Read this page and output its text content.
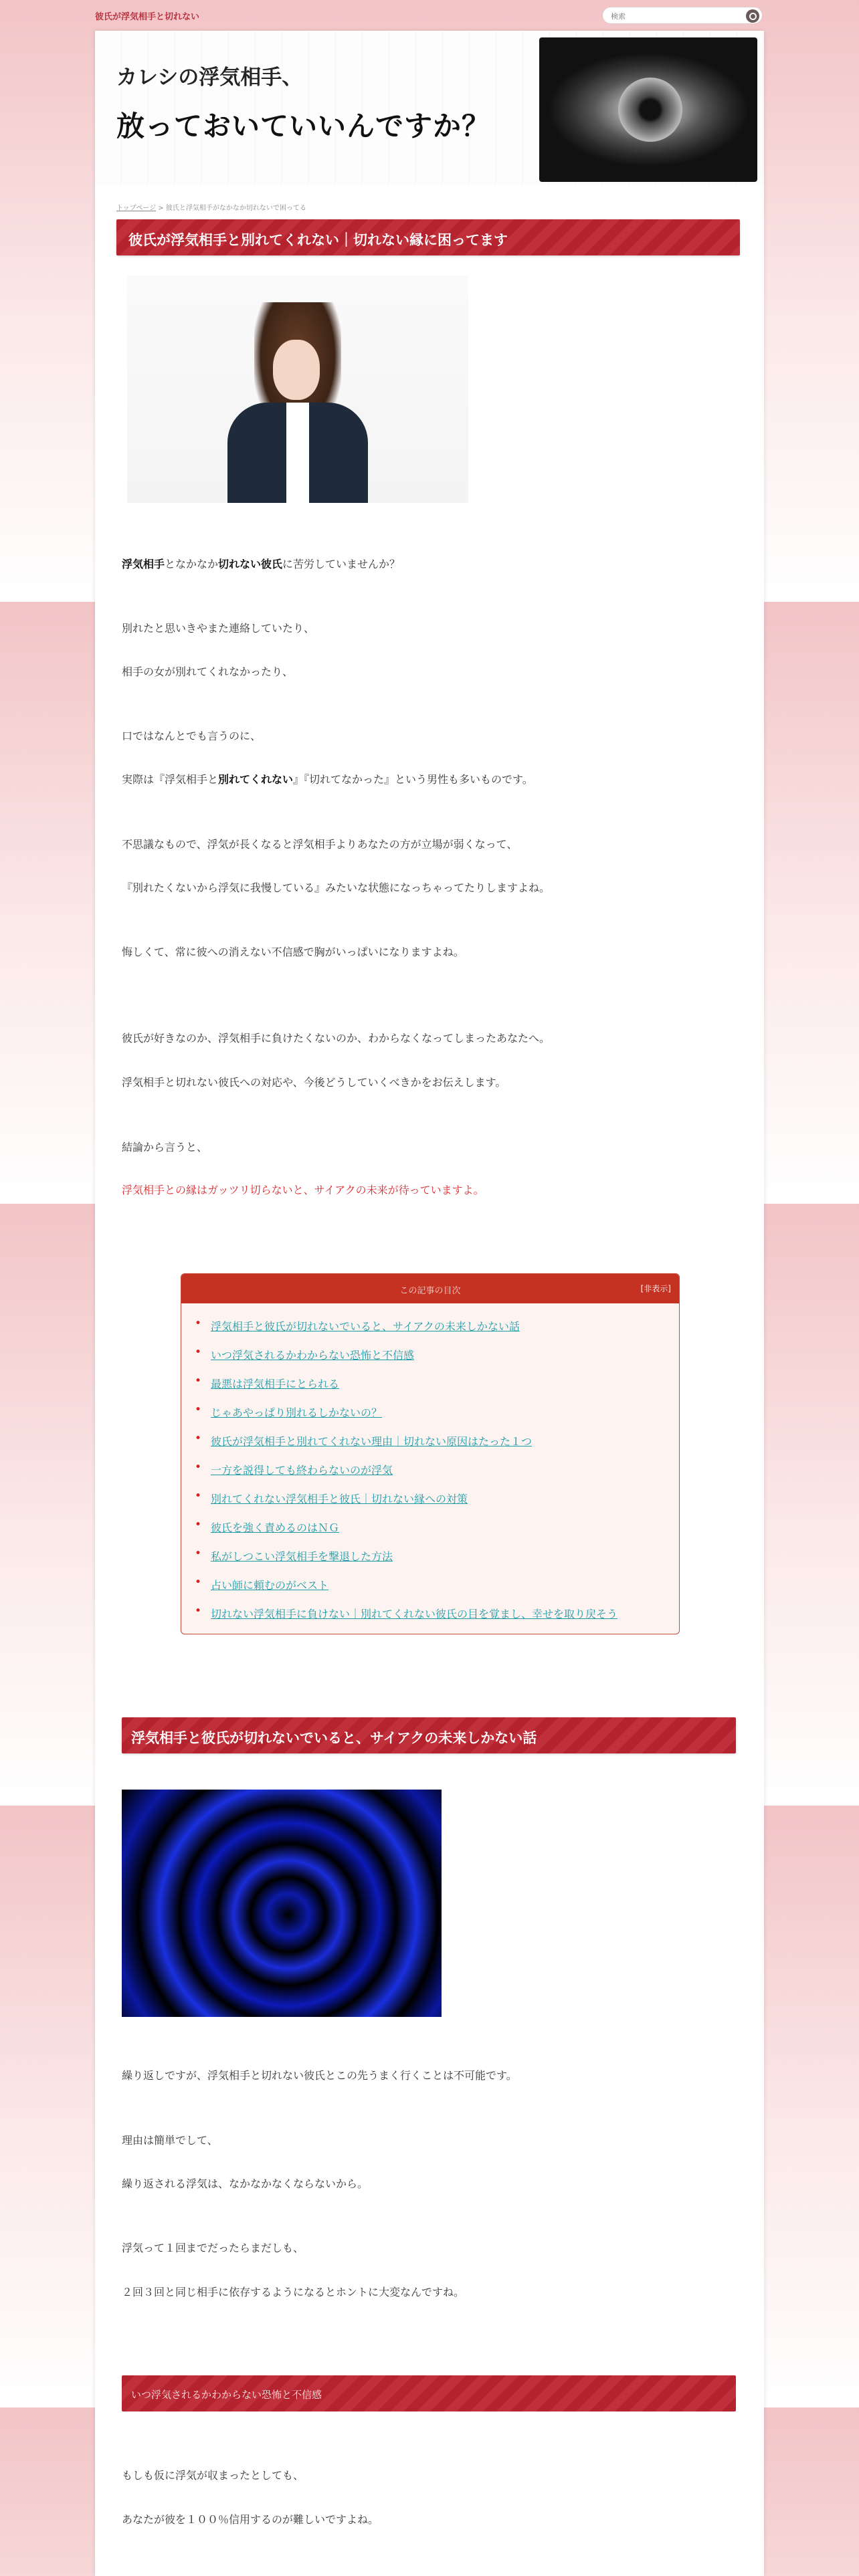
彼氏が浮気相手と切れない
検索
カレシの浮気相手、
放っておいていいんですか？
トップページ > 彼氏と浮気相手がなかなか切れないで困ってる
彼氏が浮気相手と別れてくれない｜切れない縁に困ってます
浮気相手となかなか切れない彼氏に苦労していませんか？
別れたと思いきやまた連絡していたり、
相手の女が別れてくれなかったり、
口ではなんとでも言うのに、
実際は『浮気相手と別れてくれない』『切れてなかった』という男性も多いものです。
不思議なもので、浮気が長くなると浮気相手よりあなたの方が立場が弱くなって、
『別れたくないから浮気に我慢している』みたいな状態になっちゃってたりしますよね。
悔しくて、常に彼への消えない不信感で胸がいっぱいになりますよね。
彼氏が好きなのか、浮気相手に負けたくないのか、わからなくなってしまったあなたへ。
浮気相手と切れない彼氏への対応や、今後どうしていくべきかをお伝えします。
結論から言うと、
浮気相手との縁はガッツリ切らないと、サイアクの未来が待っていますよ。
この記事の目次	[非表示]
• 浮気相手と彼氏が切れないでいると、サイアクの未来しかない話
• いつ浮気されるかわからない恐怖と不信感
• 最悪は浮気相手にとられる
• じゃあやっぱり別れるしかないの？
• 彼氏が浮気相手と別れてくれない理由｜切れない原因はたった１つ
• 一方を説得しても終わらないのが浮気
• 別れてくれない浮気相手と彼氏｜切れない縁への対策
• 彼氏を強く責めるのはＮＧ
• 私がしつこい浮気相手を撃退した方法
• 占い師に頼むのがベスト
• 切れない浮気相手に負けない｜別れてくれない彼氏の目を覚まし、幸せを取り戻そう
浮気相手と彼氏が切れないでいると、サイアクの未来しかない話
繰り返しですが、浮気相手と切れない彼氏とこの先うまく行くことは不可能です。
理由は簡単でして、
繰り返される浮気は、なかなかなくならないから。
浮気って１回までだったらまだしも、
２回３回と同じ相手に依存するようになるとホントに大変なんですね。
いつ浮気されるかわからない恐怖と不信感
もしも仮に浮気が収まったとしても、
あなたが彼を１００％信用するのが難しいですよね。
